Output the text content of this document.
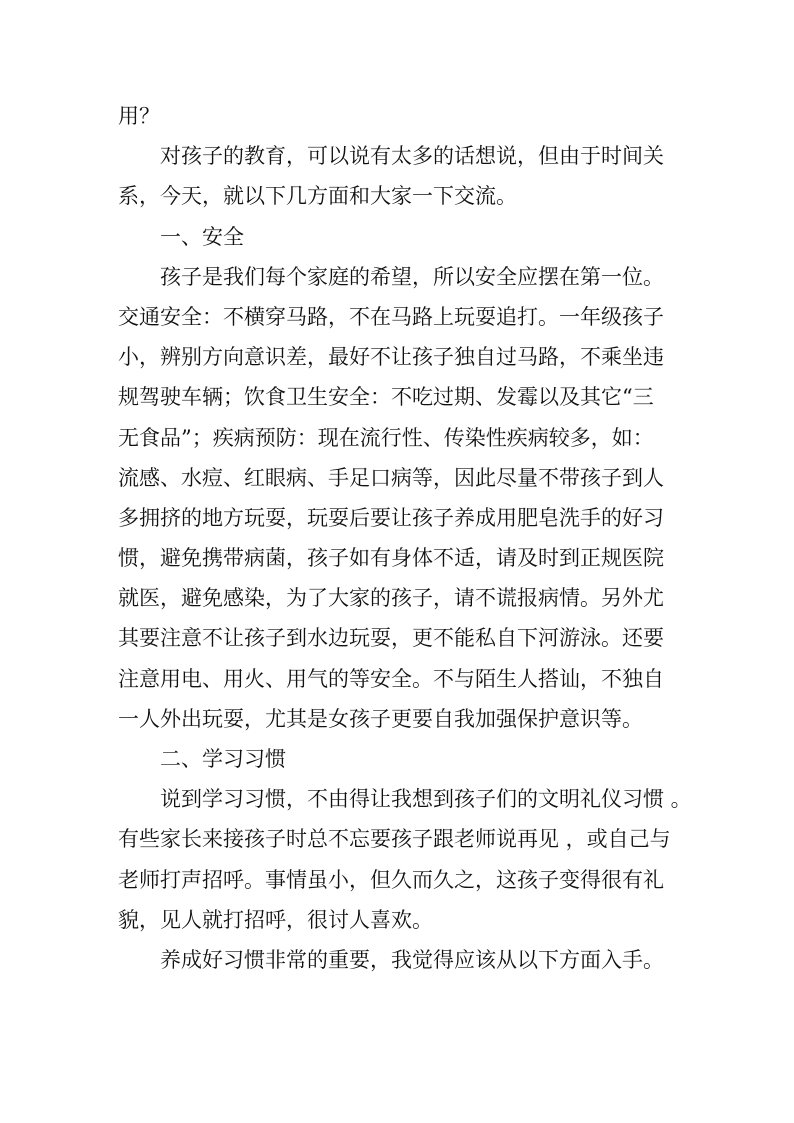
用？
对孩子的教育，可以说有太多的话想说，但由于时间关
系，今天，就以下几方面和大家一下交流。
一、安全
孩子是我们每个家庭的希望，所以安全应摆在第一位。
交通安全：不横穿马路，不在马路上玩耍追打。一年级孩子
小，辨别方向意识差，最好不让孩子独自过马路，不乘坐违
规驾驶车辆；饮食卫生安全：不吃过期、发霉以及其它“三
无食品”；疾病预防：现在流行性、传染性疾病较多，如：
流感、水痘、红眼病、手足口病等，因此尽量不带孩子到人
多拥挤的地方玩耍，玩耍后要让孩子养成用肥皂洗手的好习
惯，避免携带病菌，孩子如有身体不适，请及时到正规医院
就医，避免感染，为了大家的孩子，请不谎报病情。另外尤
其要注意不让孩子到水边玩耍，更不能私自下河游泳。还要
注意用电、用火、用气的等安全。不与陌生人搭讪，不独自
一人外出玩耍，尤其是女孩子更要自我加强保护意识等。
二、学习习惯
说到学习习惯，不由得让我想到孩子们的文明礼仪习惯 。
有些家长来接孩子时总不忘要孩子跟老师说再见 ，或自己与
老师打声招呼。事情虽小，但久而久之，这孩子变得很有礼
貌，见人就打招呼，很讨人喜欢。
养成好习惯非常的重要，我觉得应该从以下方面入手。
